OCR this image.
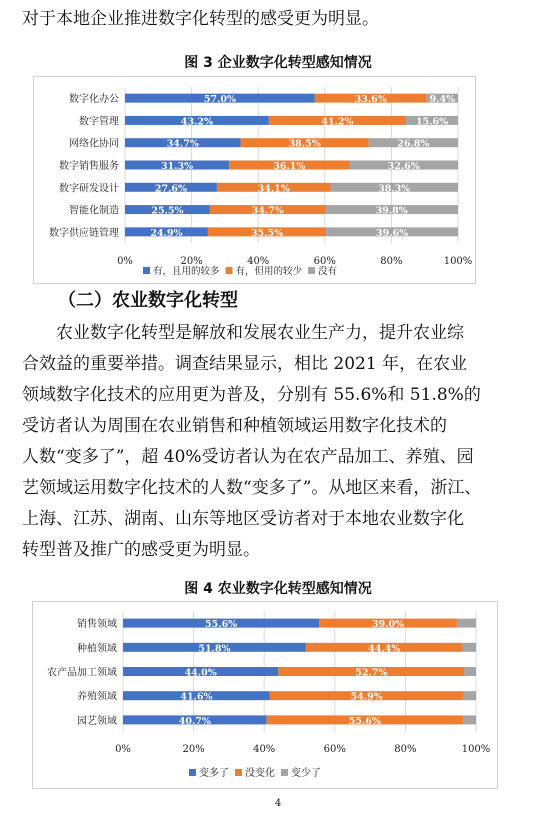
对于本地企业推进数字化转型的感受更为明显。

图 3 企业数字化转型感知情况
0%	20%	40%	60%	80%	100%
数字化办公	57.0%	33.6%	9.4%
数字管理	43.2%	41.2%	15.6%
网络化协同	34.7%	38.5%	26.8%
数字销售服务	31.3%	36.1%	32.6%
数字研发设计	27.6%	34.1%	38.3%
智能化制造	25.5%	34.7%	39.8%
数字供应链管理	24.9%	35.5%	39.6%
有，且用的较多 有，但用的较少 没有
（二）农业数字化转型
农业数字化转型是解放和发展农业生产力，提升农业综
合效益的重要举措。调查结果显示，相比 2021 年，在农业
领域数字化技术的应用更为普及，分别有 55.6%和 51.8%的
受访者认为周围在农业销售和种植领域运用数字化技术的
人数“变多了”，超 40%受访者认为在农产品加工、养殖、园
艺领域运用数字化技术的人数“变多了”。从地区来看，浙江、
上海、江苏、湖南、山东等地区受访者对于本地农业数字化
转型普及推广的感受更为明显。
图 4 农业数字化转型感知情况
0%	20%	40%	60%	80%	100%
销售领域	55.6%	39.0%
种植领域	51.8%	44.4%
农产品加工领域	44.0%	52.7%
养殖领域	41.6%	54.9%
园艺领域	40.7%	55.6%
变多了 没变化 变少了
4
